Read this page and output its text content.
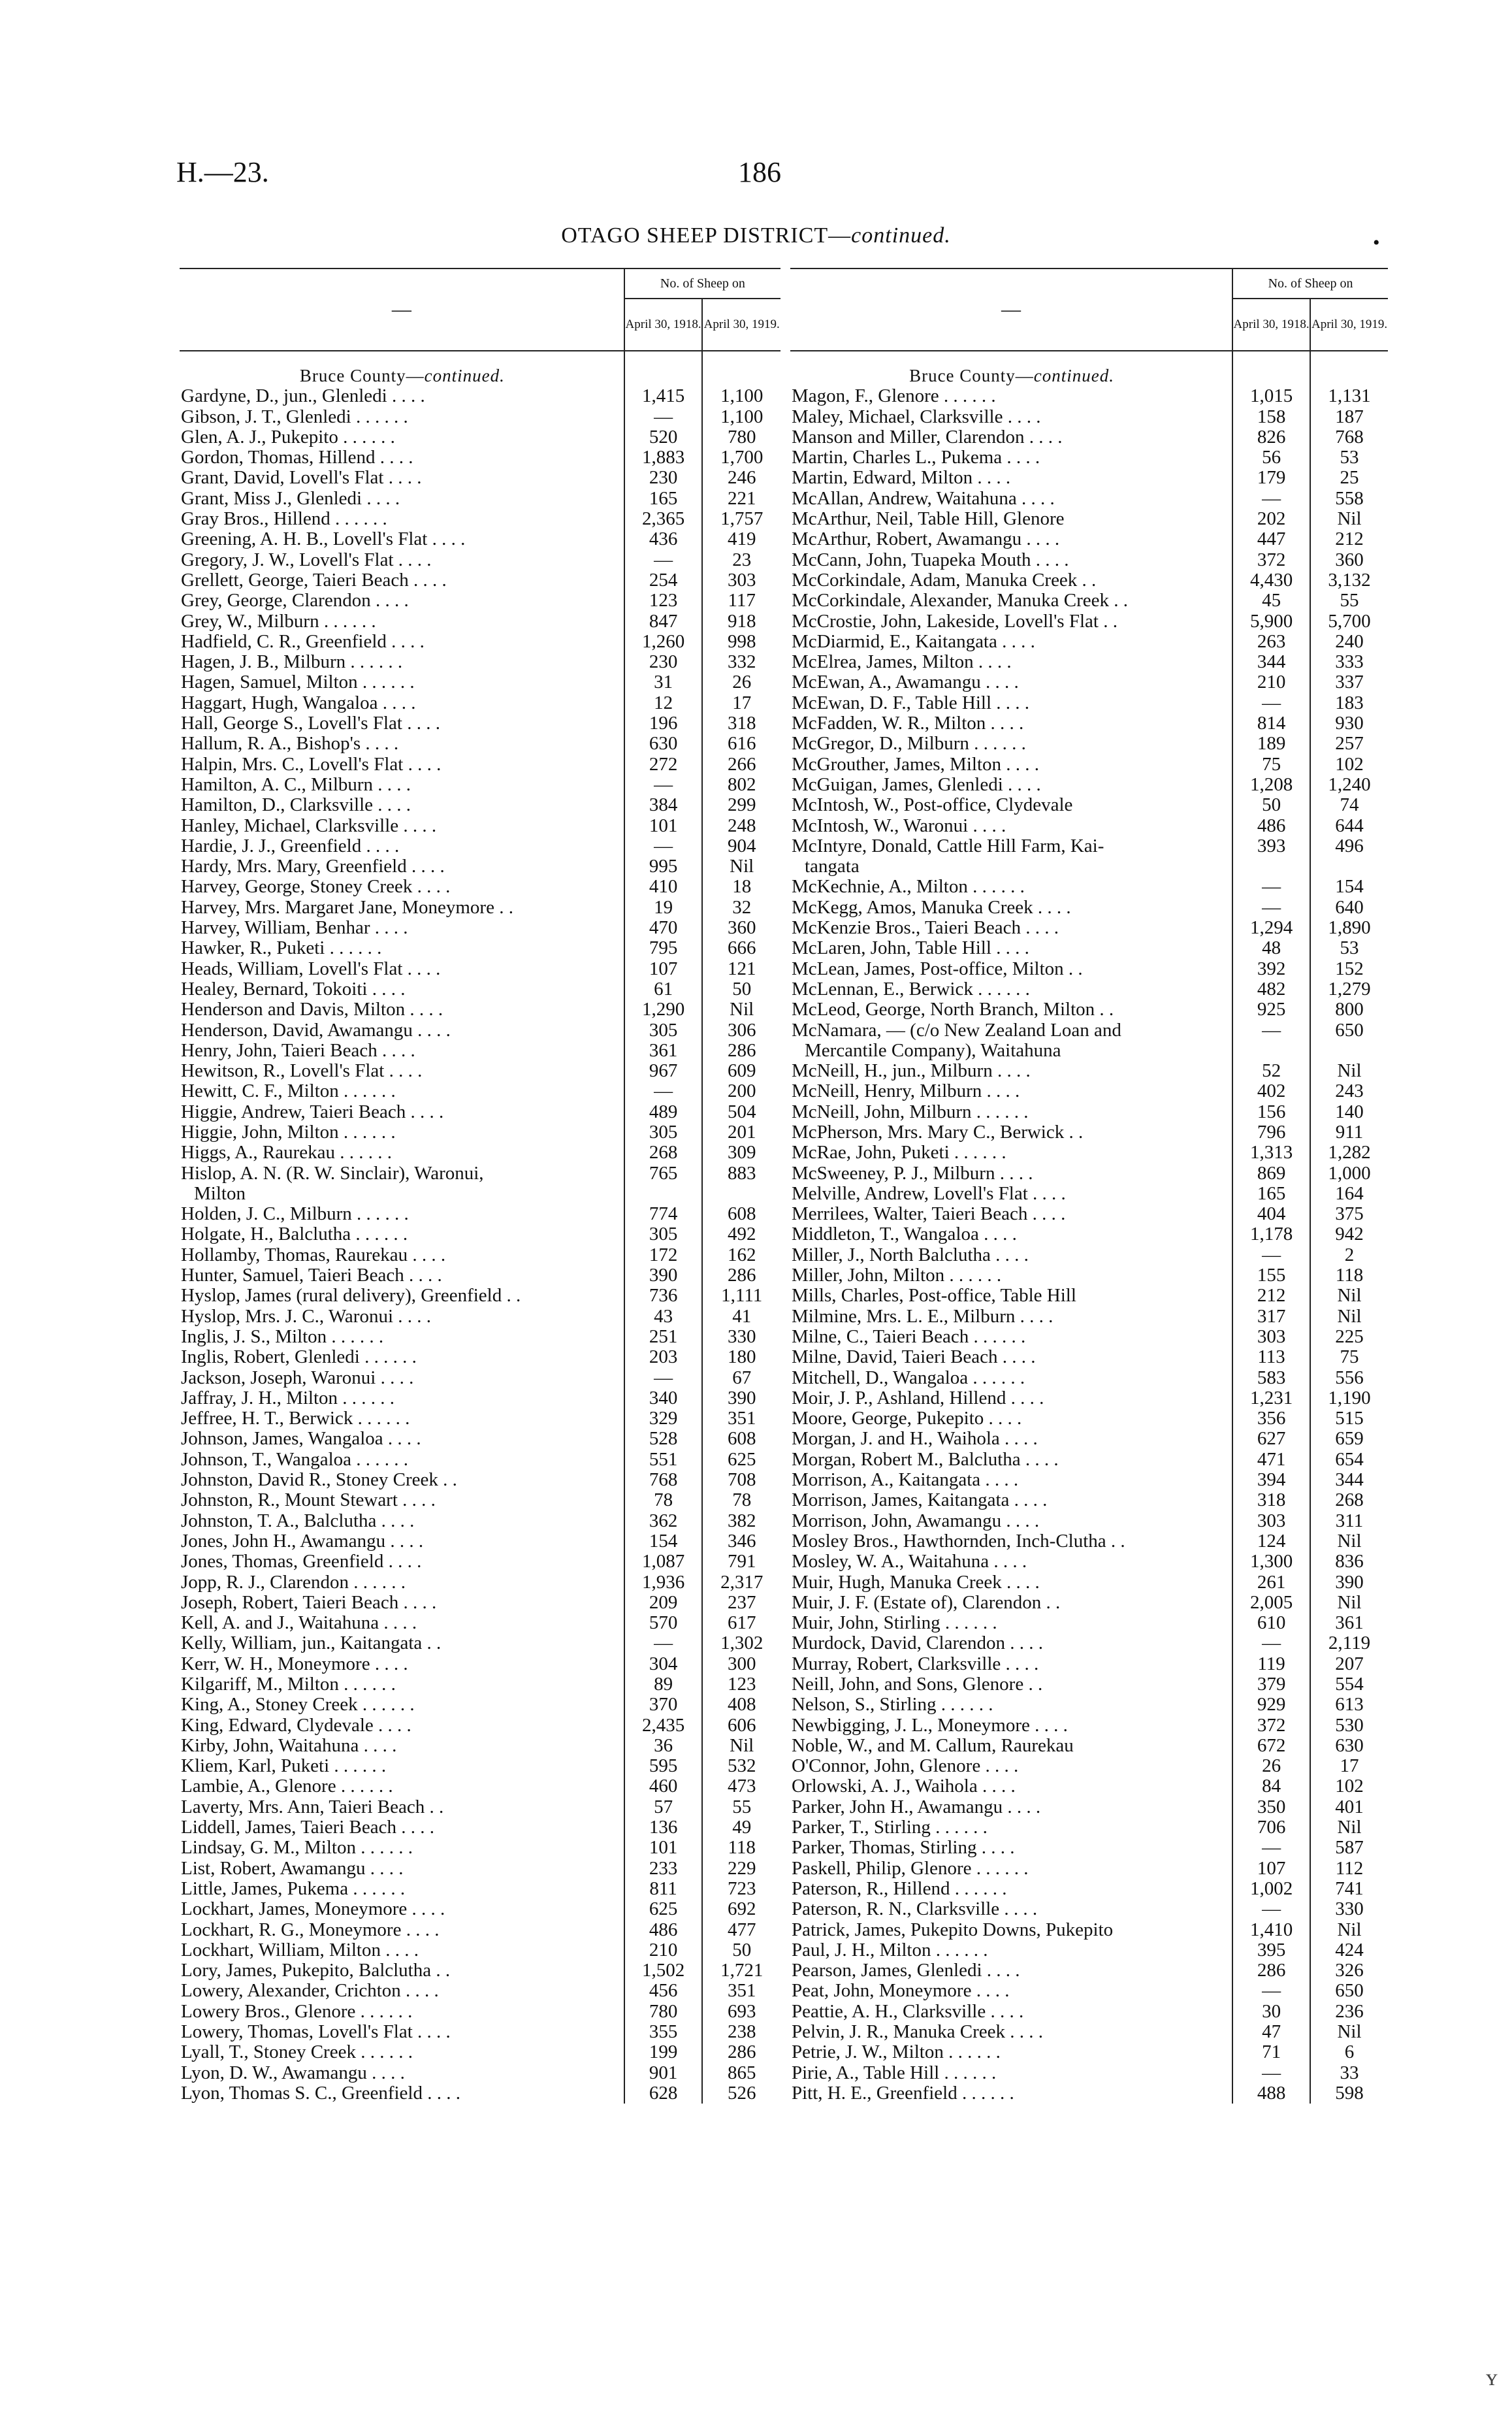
H.—23.	186
OTAGO SHEEP DISTRICT—continued.	•
ʏ
—	No. of Sheep on	
	April 30, 1918.	April 30, 1919.
Bruce County—continued.		
Gardyne, D., jun., Glenledi . . . .	1,415	1,100
Gibson, J. T., Glenledi . . . . . .	—	1,100
Glen, A. J., Pukepito . . . . . .	520	780
Gordon, Thomas, Hillend . . . .	1,883	1,700
Grant, David, Lovell's Flat . . . .	230	246
Grant, Miss J., Glenledi . . . .	165	221
Gray Bros., Hillend . . . . . .	2,365	1,757
Greening, A. H. B., Lovell's Flat . . . .	436	419
Gregory, J. W., Lovell's Flat . . . .	—	23
Grellett, George, Taieri Beach . . . .	254	303
Grey, George, Clarendon . . . .	123	117
Grey, W., Milburn . . . . . .	847	918
Hadfield, C. R., Greenfield . . . .	1,260	998
Hagen, J. B., Milburn . . . . . .	230	332
Hagen, Samuel, Milton . . . . . .	31	26
Haggart, Hugh, Wangaloa . . . .	12	17
Hall, George S., Lovell's Flat . . . .	196	318
Hallum, R. A., Bishop's . . . .	630	616
Halpin, Mrs. C., Lovell's Flat . . . .	272	266
Hamilton, A. C., Milburn . . . .	—	802
Hamilton, D., Clarksville . . . .	384	299
Hanley, Michael, Clarksville . . . .	101	248
Hardie, J. J., Greenfield . . . .	—	904
Hardy, Mrs. Mary, Greenfield . . . .	995	Nil
Harvey, George, Stoney Creek . . . .	410	18
Harvey, Mrs. Margaret Jane, Moneymore . .	19	32
Harvey, William, Benhar . . . .	470	360
Hawker, R., Puketi . . . . . .	795	666
Heads, William, Lovell's Flat . . . .	107	121
Healey, Bernard, Tokoiti . . . .	61	50
Henderson and Davis, Milton . . . .	1,290	Nil
Henderson, David, Awamangu . . . .	305	306
Henry, John, Taieri Beach . . . .	361	286
Hewitson, R., Lovell's Flat . . . .	967	609
Hewitt, C. F., Milton . . . . . .	—	200
Higgie, Andrew, Taieri Beach . . . .	489	504
Higgie, John, Milton . . . . . .	305	201
Higgs, A., Raurekau . . . . . .	268	309
Hislop, A. N. (R. W. Sinclair), Waronui,	765	883
Milton		
Holden, J. C., Milburn . . . . . .	774	608
Holgate, H., Balclutha . . . . . .	305	492
Hollamby, Thomas, Raurekau . . . .	172	162
Hunter, Samuel, Taieri Beach . . . .	390	286
Hyslop, James (rural delivery), Greenfield . .	736	1,111
Hyslop, Mrs. J. C., Waronui . . . .	43	41
Inglis, J. S., Milton . . . . . .	251	330
Inglis, Robert, Glenledi . . . . . .	203	180
Jackson, Joseph, Waronui . . . .	—	67
Jaffray, J. H., Milton . . . . . .	340	390
Jeffree, H. T., Berwick . . . . . .	329	351
Johnson, James, Wangaloa . . . .	528	608
Johnson, T., Wangaloa . . . . . .	551	625
Johnston, David R., Stoney Creek . .	768	708
Johnston, R., Mount Stewart . . . .	78	78
Johnston, T. A., Balclutha . . . .	362	382
Jones, John H., Awamangu . . . .	154	346
Jones, Thomas, Greenfield . . . .	1,087	791
Jopp, R. J., Clarendon . . . . . .	1,936	2,317
Joseph, Robert, Taieri Beach . . . .	209	237
Kell, A. and J., Waitahuna . . . .	570	617
Kelly, William, jun., Kaitangata . .	—	1,302
Kerr, W. H., Moneymore . . . .	304	300
Kilgariff, M., Milton . . . . . .	89	123
King, A., Stoney Creek . . . . . .	370	408
King, Edward, Clydevale . . . .	2,435	606
Kirby, John, Waitahuna . . . .	36	Nil
Kliem, Karl, Puketi . . . . . .	595	532
Lambie, A., Glenore . . . . . .	460	473
Laverty, Mrs. Ann, Taieri Beach . .	57	55
Liddell, James, Taieri Beach . . . .	136	49
Lindsay, G. M., Milton . . . . . .	101	118
List, Robert, Awamangu . . . .	233	229
Little, James, Pukema . . . . . .	811	723
Lockhart, James, Moneymore . . . .	625	692
Lockhart, R. G., Moneymore . . . .	486	477
Lockhart, William, Milton . . . .	210	50
Lory, James, Pukepito, Balclutha . .	1,502	1,721
Lowery, Alexander, Crichton . . . .	456	351
Lowery Bros., Glenore . . . . . .	780	693
Lowery, Thomas, Lovell's Flat . . . .	355	238
Lyall, T., Stoney Creek . . . . . .	199	286
Lyon, D. W., Awamangu . . . .	901	865
Lyon, Thomas S. C., Greenfield . . . .	628	526
—	No. of Sheep on	
	April 30, 1918.	April 30, 1919.
Bruce County—continued.		
Magon, F., Glenore . . . . . .	1,015	1,131
Maley, Michael, Clarksville . . . .	158	187
Manson and Miller, Clarendon . . . .	826	768
Martin, Charles L., Pukema . . . .	56	53
Martin, Edward, Milton . . . .	179	25
McAllan, Andrew, Waitahuna . . . .	—	558
McArthur, Neil, Table Hill, Glenore	202	Nil
McArthur, Robert, Awamangu . . . .	447	212
McCann, John, Tuapeka Mouth . . . .	372	360
McCorkindale, Adam, Manuka Creek . .	4,430	3,132
McCorkindale, Alexander, Manuka Creek . .	45	55
McCrostie, John, Lakeside, Lovell's Flat . .	5,900	5,700
McDiarmid, E., Kaitangata . . . .	263	240
McElrea, James, Milton . . . .	344	333
McEwan, A., Awamangu . . . .	210	337
McEwan, D. F., Table Hill . . . .	—	183
McFadden, W. R., Milton . . . .	814	930
McGregor, D., Milburn . . . . . .	189	257
McGrouther, James, Milton . . . .	75	102
McGuigan, James, Glenledi . . . .	1,208	1,240
McIntosh, W., Post-office, Clydevale	50	74
McIntosh, W., Waronui . . . .	486	644
McIntyre, Donald, Cattle Hill Farm, Kai-	393	496
tangata		
McKechnie, A., Milton . . . . . .	—	154
McKegg, Amos, Manuka Creek . . . .	—	640
McKenzie Bros., Taieri Beach . . . .	1,294	1,890
McLaren, John, Table Hill . . . .	48	53
McLean, James, Post-office, Milton . .	392	152
McLennan, E., Berwick . . . . . .	482	1,279
McLeod, George, North Branch, Milton . .	925	800
McNamara, — (c/o New Zealand Loan and	—	650
Mercantile Company), Waitahuna		
McNeill, H., jun., Milburn . . . .	52	Nil
McNeill, Henry, Milburn . . . .	402	243
McNeill, John, Milburn . . . . . .	156	140
McPherson, Mrs. Mary C., Berwick . .	796	911
McRae, John, Puketi . . . . . .	1,313	1,282
McSweeney, P. J., Milburn . . . .	869	1,000
Melville, Andrew, Lovell's Flat . . . .	165	164
Merrilees, Walter, Taieri Beach . . . .	404	375
Middleton, T., Wangaloa . . . .	1,178	942
Miller, J., North Balclutha . . . .	—	2
Miller, John, Milton . . . . . .	155	118
Mills, Charles, Post-office, Table Hill	212	Nil
Milmine, Mrs. L. E., Milburn . . . .	317	Nil
Milne, C., Taieri Beach . . . . . .	303	225
Milne, David, Taieri Beach . . . .	113	75
Mitchell, D., Wangaloa . . . . . .	583	556
Moir, J. P., Ashland, Hillend . . . .	1,231	1,190
Moore, George, Pukepito . . . .	356	515
Morgan, J. and H., Waihola . . . .	627	659
Morgan, Robert M., Balclutha . . . .	471	654
Morrison, A., Kaitangata . . . .	394	344
Morrison, James, Kaitangata . . . .	318	268
Morrison, John, Awamangu . . . .	303	311
Mosley Bros., Hawthornden, Inch-Clutha . .	124	Nil
Mosley, W. A., Waitahuna . . . .	1,300	836
Muir, Hugh, Manuka Creek . . . .	261	390
Muir, J. F. (Estate of), Clarendon . .	2,005	Nil
Muir, John, Stirling . . . . . .	610	361
Murdock, David, Clarendon . . . .	—	2,119
Murray, Robert, Clarksville . . . .	119	207
Neill, John, and Sons, Glenore . .	379	554
Nelson, S., Stirling . . . . . .	929	613
Newbigging, J. L., Moneymore . . . .	372	530
Noble, W., and M. Callum, Raurekau	672	630
O'Connor, John, Glenore . . . .	26	17
Orlowski, A. J., Waihola . . . .	84	102
Parker, John H., Awamangu . . . .	350	401
Parker, T., Stirling . . . . . .	706	Nil
Parker, Thomas, Stirling . . . .	—	587
Paskell, Philip, Glenore . . . . . .	107	112
Paterson, R., Hillend . . . . . .	1,002	741
Paterson, R. N., Clarksville . . . .	—	330
Patrick, James, Pukepito Downs, Pukepito	1,410	Nil
Paul, J. H., Milton . . . . . .	395	424
Pearson, James, Glenledi . . . .	286	326
Peat, John, Moneymore . . . .	—	650
Peattie, A. H., Clarksville . . . .	30	236
Pelvin, J. R., Manuka Creek . . . .	47	Nil
Petrie, J. W., Milton . . . . . .	71	6
Pirie, A., Table Hill . . . . . .	—	33
Pitt, H. E., Greenfield . . . . . .	488	598
